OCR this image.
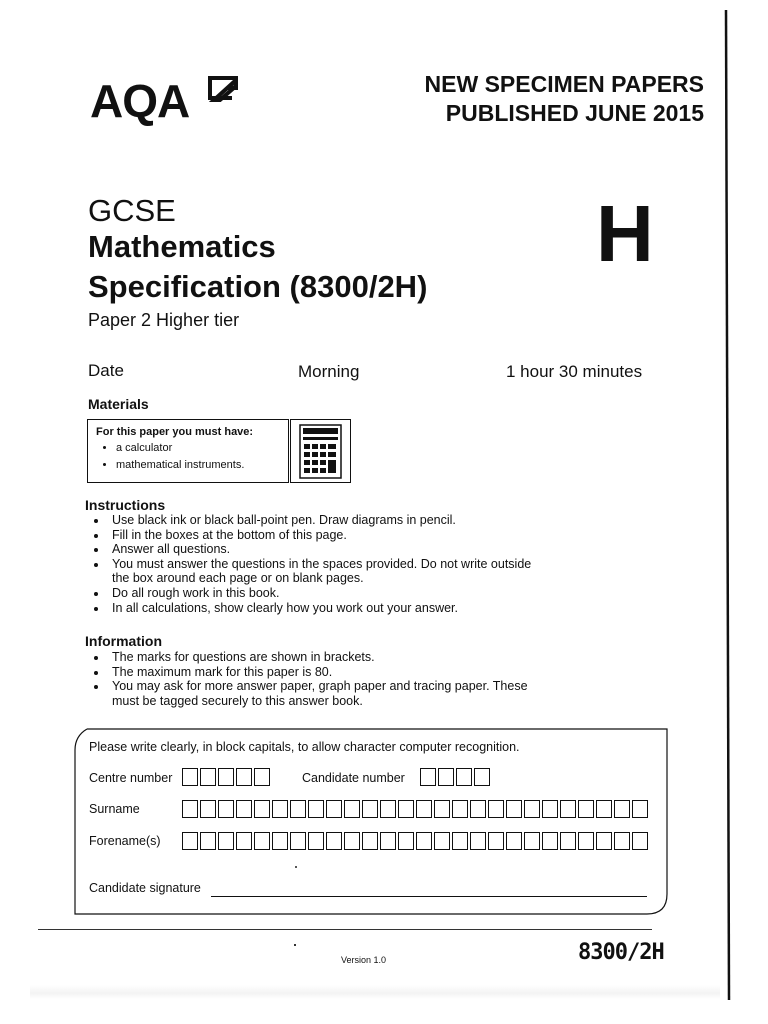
AQA	NEW SPECIMEN PAPERS
PUBLISHED JUNE 2015
GCSE
Mathematics
Specification (8300/2H)
Paper 2 Higher tier
H
Date	Morning	1 hour 30 minutes
Materials
For this paper you must have:
• a calculator
• mathematical instruments.
Instructions
• Use black ink or black ball-point pen. Draw diagrams in pencil.
• Fill in the boxes at the bottom of this page.
• Answer all questions.
• You must answer the questions in the spaces provided. Do not write outside the box around each page or on blank pages.
• Do all rough work in this book.
• In all calculations, show clearly how you work out your answer.
Information
• The marks for questions are shown in brackets.
• The maximum mark for this paper is 80.
• You may ask for more answer paper, graph paper and tracing paper. These must be tagged securely to this answer book.
Please write clearly, in block capitals, to allow character computer recognition.
Centre number	Candidate number
Surname
Forename(s)
Candidate signature
Version 1.0	8300/2H
